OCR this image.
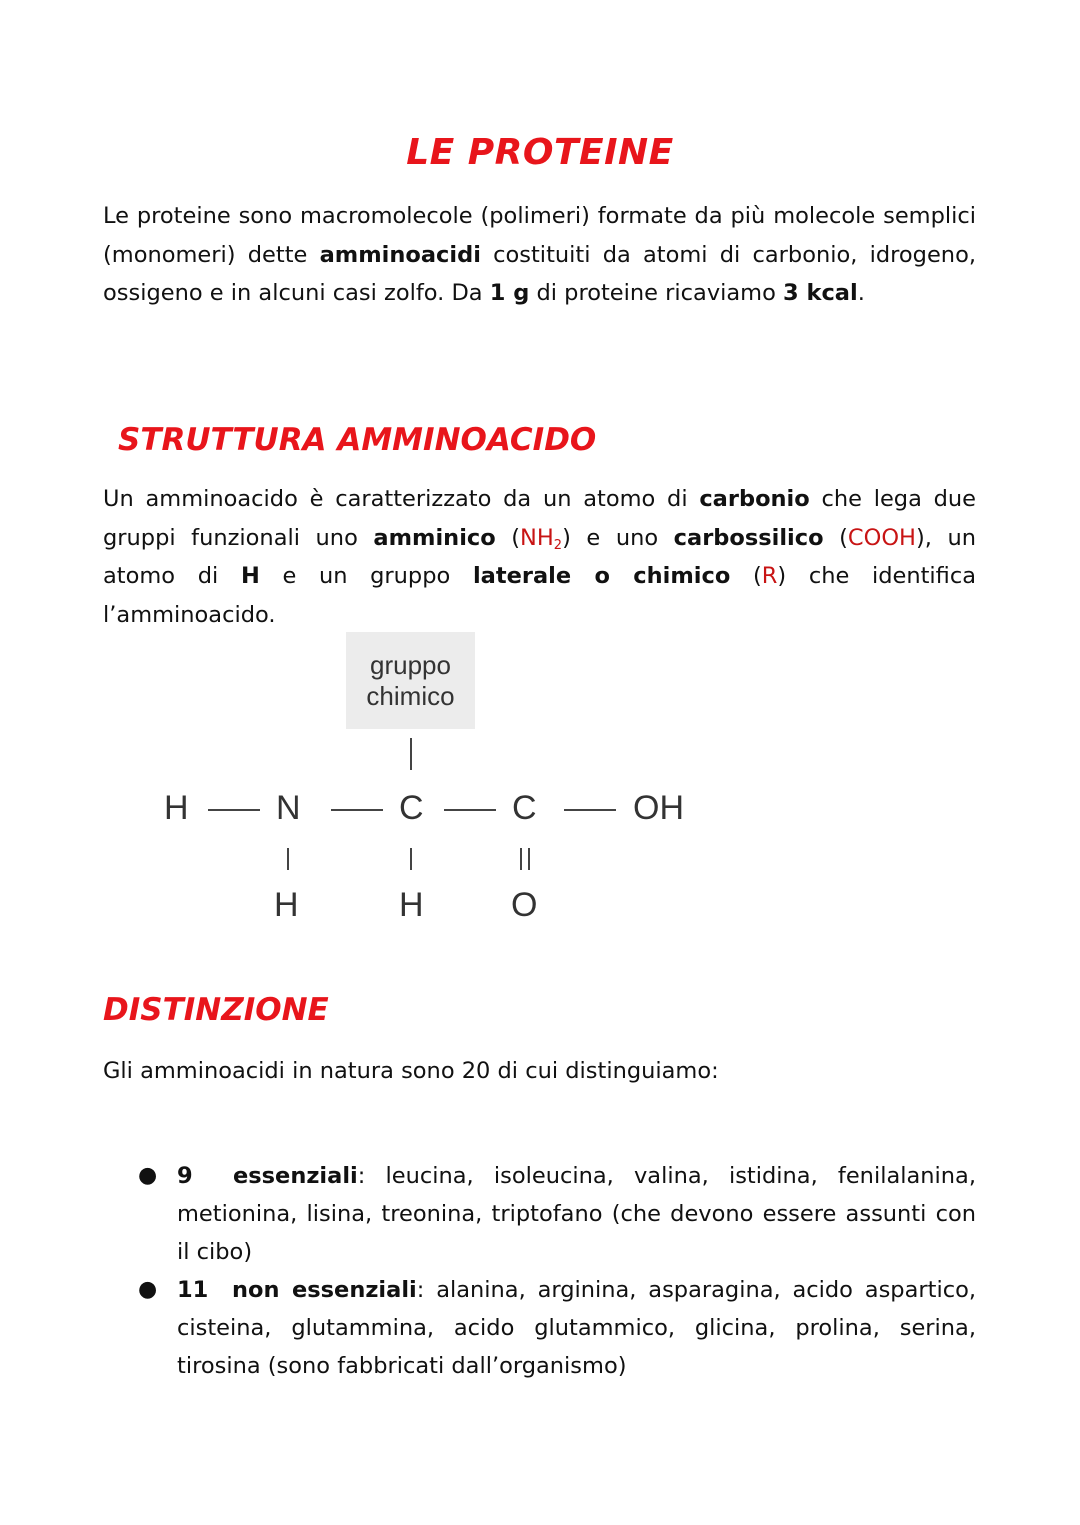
LE PROTEINE

Le proteine sono macromolecole (polimeri) formate da più molecole semplici (monomeri) dette amminoacidi costituiti da atomi di carbonio, idrogeno, ossigeno e in alcuni casi zolfo. Da 1 g di proteine ricaviamo 3 kcal.

STRUTTURA AMMINOACIDO

Un amminoacido è caratterizzato da un atomo di carbonio che lega due gruppi funzionali uno amminico $(NH_2)$ e uno carbossilico (COOH), un atomo di H e un gruppo laterale o chimico (R) che identifica l’amminoacido.

gruppo
chimico
H	N	C	C	OH
H	H	O
DISTINZIONE

Gli amminoacidi in natura sono 20 di cui distinguiamo:

● 9 essenziali: leucina, isoleucina, valina, istidina, fenilalanina, metionina, lisina, treonina, triptofano (che devono essere assunti con il cibo)
● 11 non essenziali: alanina, arginina, asparagina, acido aspartico, cisteina, glutammina, acido glutammico, glicina, prolina, serina, tirosina (sono fabbricati dall’organismo)
